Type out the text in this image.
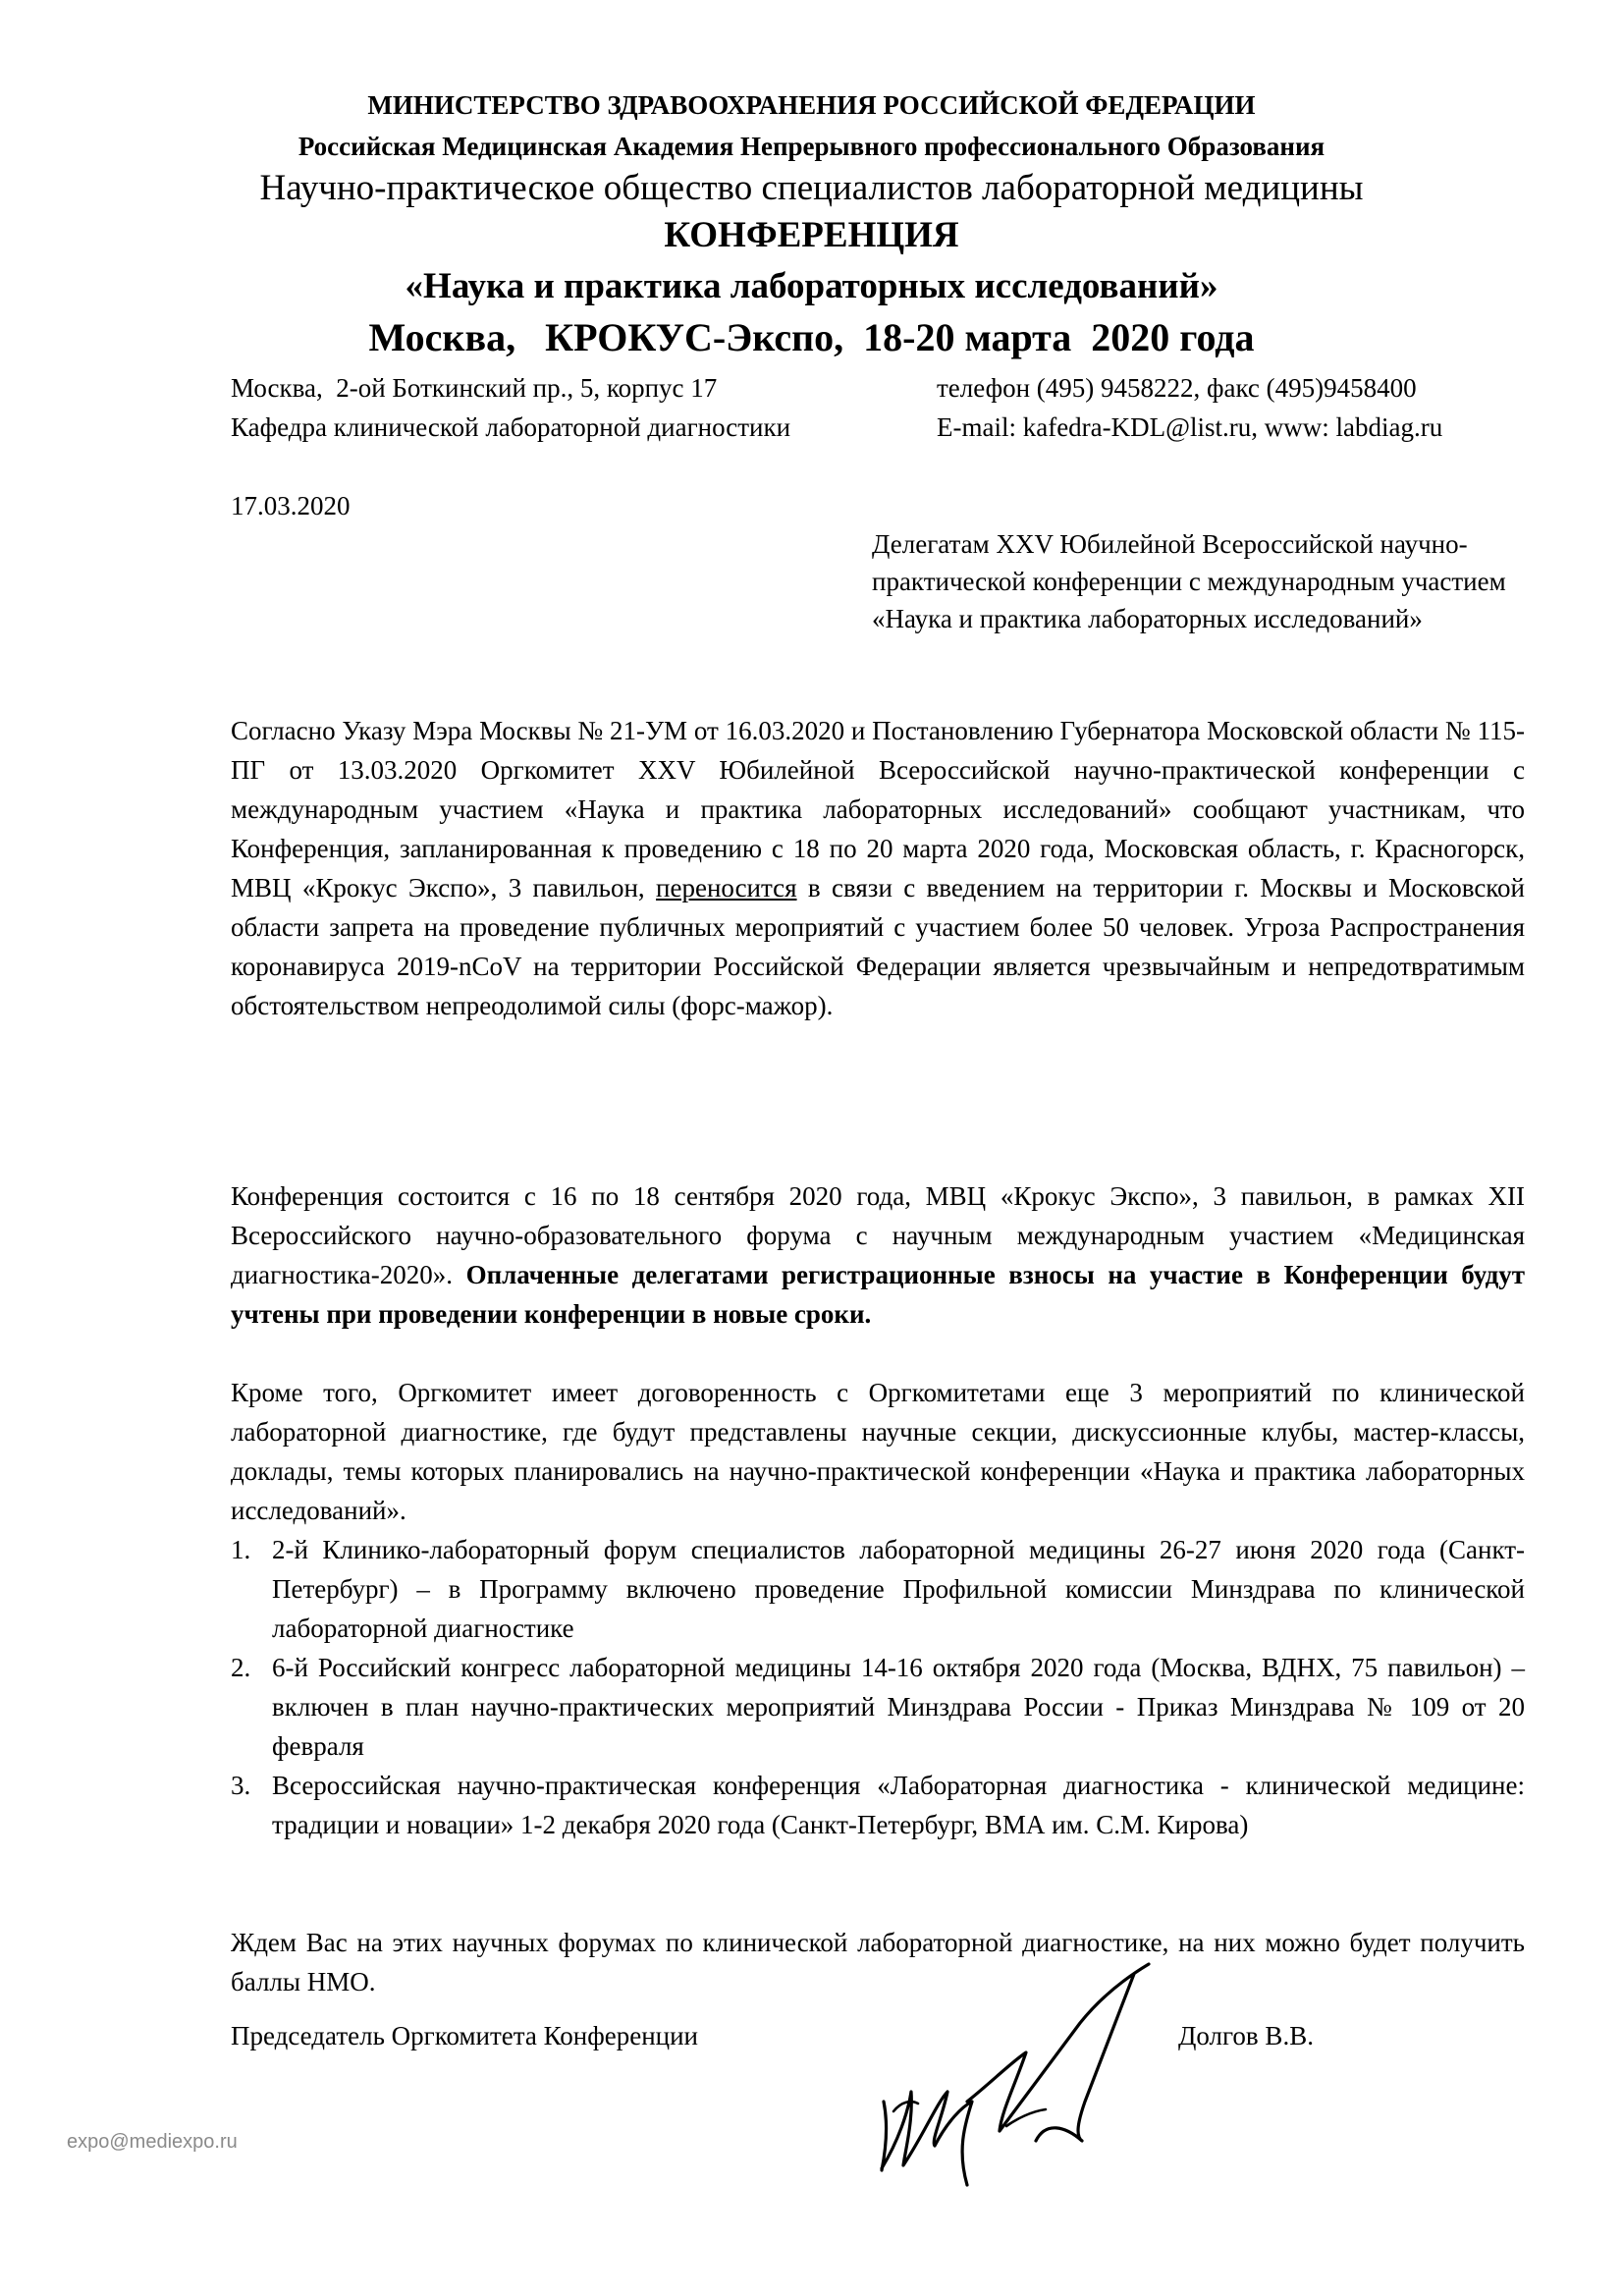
МИНИСТЕРСТВО ЗДРАВООХРАНЕНИЯ РОССИЙСКОЙ ФЕДЕРАЦИИ
Российская Медицинская Академия Непрерывного профессионального Образования
Научно-практическое общество специалистов лабораторной медицины
КОНФЕРЕНЦИЯ
«Наука и практика лабораторных исследований»
Москва,   КРОКУС-Экспо,  18-20 марта  2020 года
Москва,  2-ой Боткинский пр., 5, корпус 17
Кафедра клинической лабораторной диагностики
телефон (495) 9458222, факс (495)9458400
E-mail: kafedra-KDL@list.ru, www: labdiag.ru
17.03.2020
Делегатам XXV Юбилейной Всероссийской научно-практической конференции с международным участием «Наука и практика лабораторных исследований»
Согласно Указу Мэра Москвы № 21-УМ от 16.03.2020 и Постановлению Губернатора Московской области № 115-ПГ от 13.03.2020 Оргкомитет XXV Юбилейной Всероссийской научно-практической конференции с международным участием «Наука и практика лабораторных исследований» сообщают участникам, что Конференция, запланированная к проведению с 18 по 20 марта 2020 года, Московская область, г. Красногорск, МВЦ «Крокус Экспо», 3 павильон, переносится в связи с введением на территории г. Москвы и Московской области запрета на проведение публичных мероприятий с участием более 50 человек. Угроза Распространения коронавируса 2019-nCoV на территории Российской Федерации является чрезвычайным и непредотвратимым обстоятельством непреодолимой силы (форс-мажор).
Конференция состоится с 16 по 18 сентября 2020 года, МВЦ «Крокус Экспо», 3 павильон, в рамках XII Всероссийского научно-образовательного форума с научным международным участием «Медицинская диагностика-2020». Оплаченные делегатами регистрационные взносы на участие в Конференции будут учтены при проведении конференции в новые сроки.
Кроме того, Оргкомитет имеет договоренность с Оргкомитетами еще 3 мероприятий по клинической лабораторной диагностике, где будут представлены научные секции, дискуссионные клубы, мастер-классы, доклады, темы которых планировались на научно-практической конференции «Наука и практика лабораторных исследований».
1. 2-й Клинико-лабораторный форум специалистов лабораторной медицины 26-27 июня 2020 года (Санкт-Петербург) – в Программу включено проведение Профильной комиссии Минздрава по клинической лабораторной диагностике
2. 6-й Российский конгресс лабораторной медицины 14-16 октября 2020 года (Москва, ВДНХ, 75 павильон) – включен в план научно-практических мероприятий Минздрава России - Приказ Минздрава № 109 от 20 февраля
3. Всероссийская научно-практическая конференция «Лабораторная диагностика - клинической медицине: традиции и новации» 1-2 декабря 2020 года (Санкт-Петербург, ВМА им. С.М. Кирова)
Ждем Вас на этих научных форумах по клинической лабораторной диагностике, на них можно будет получить баллы НМО.
Председатель Оргкомитета Конференции	Долгов В.В.
expo@mediexpo.ru
